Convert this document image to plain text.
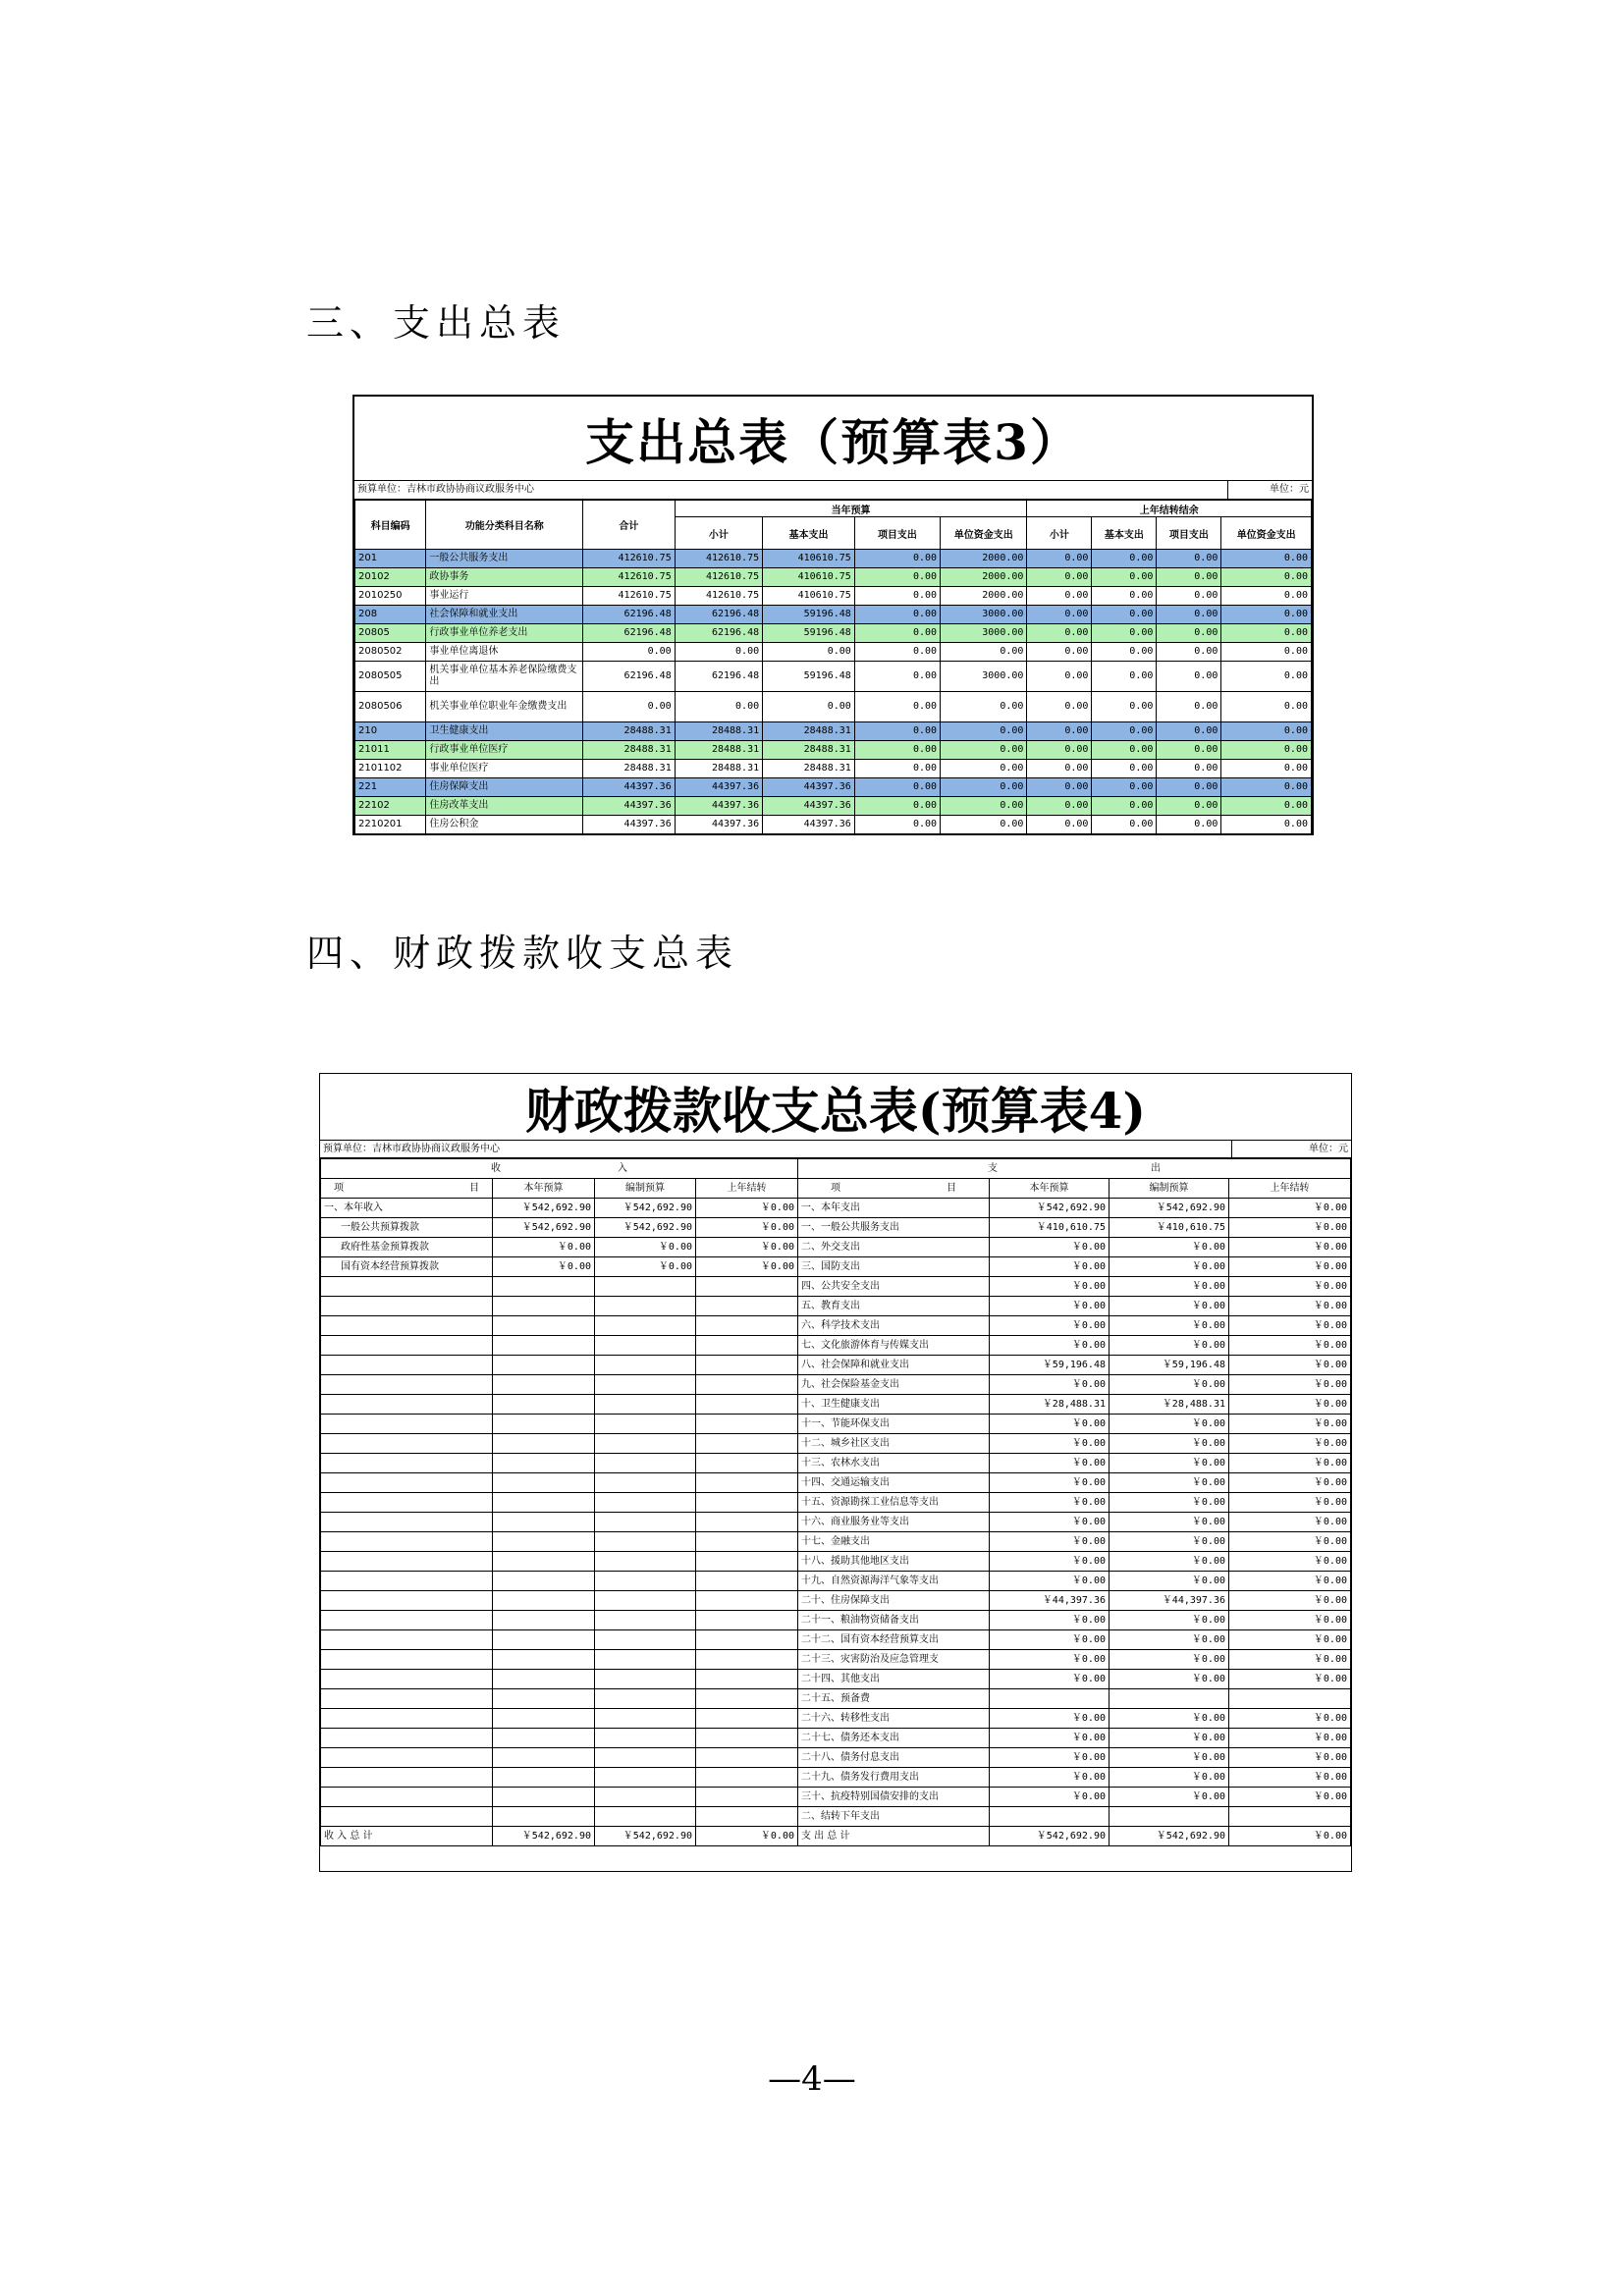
三、支出总表
支出总表（预算表3）
预算单位：吉林市政协协商议政服务中心	单位：元
科目编码	功能分类科目名称	合计	当年预算				上年结转结余			
			小计	基本支出	项目支出	单位资金支出	小计	基本支出	项目支出	单位资金支出
201	一般公共服务支出	412610.75	412610.75	410610.75	0.00	2000.00	0.00	0.00	0.00	0.00
20102	政协事务	412610.75	412610.75	410610.75	0.00	2000.00	0.00	0.00	0.00	0.00
2010250	事业运行	412610.75	412610.75	410610.75	0.00	2000.00	0.00	0.00	0.00	0.00
208	社会保障和就业支出	62196.48	62196.48	59196.48	0.00	3000.00	0.00	0.00	0.00	0.00
20805	行政事业单位养老支出	62196.48	62196.48	59196.48	0.00	3000.00	0.00	0.00	0.00	0.00
2080502	事业单位离退休	0.00	0.00	0.00	0.00	0.00	0.00	0.00	0.00	0.00
2080505	机关事业单位基本养老保险缴费支出	62196.48	62196.48	59196.48	0.00	3000.00	0.00	0.00	0.00	0.00
2080506	机关事业单位职业年金缴费支出	0.00	0.00	0.00	0.00	0.00	0.00	0.00	0.00	0.00
210	卫生健康支出	28488.31	28488.31	28488.31	0.00	0.00	0.00	0.00	0.00	0.00
21011	行政事业单位医疗	28488.31	28488.31	28488.31	0.00	0.00	0.00	0.00	0.00	0.00
2101102	事业单位医疗	28488.31	28488.31	28488.31	0.00	0.00	0.00	0.00	0.00	0.00
221	住房保障支出	44397.36	44397.36	44397.36	0.00	0.00	0.00	0.00	0.00	0.00
22102	住房改革支出	44397.36	44397.36	44397.36	0.00	0.00	0.00	0.00	0.00	0.00
2210201	住房公积金	44397.36	44397.36	44397.36	0.00	0.00	0.00	0.00	0.00	0.00
四、财政拨款收支总表
财政拨款收支总表(预算表4)
预算单位：吉林市政协协商议政服务中心	单位：元
收 入				支 出			

项 目	本年预算	编制预算	上年结转	项 目	本年预算	编制预算	上年结转
一、本年收入	￥542,692.90	￥542,692.90	￥0.00	一、本年支出	￥542,692.90	￥542,692.90	￥0.00
一般公共预算拨款	￥542,692.90	￥542,692.90	￥0.00	一、一般公共服务支出	￥410,610.75	￥410,610.75	￥0.00
政府性基金预算拨款	￥0.00	￥0.00	￥0.00	二、外交支出	￥0.00	￥0.00	￥0.00
国有资本经营预算拨款	￥0.00	￥0.00	￥0.00	三、国防支出	￥0.00	￥0.00	￥0.00
				四、公共安全支出	￥0.00	￥0.00	￥0.00
				五、教育支出	￥0.00	￥0.00	￥0.00
				六、科学技术支出	￥0.00	￥0.00	￥0.00
				七、文化旅游体育与传媒支出	￥0.00	￥0.00	￥0.00
				八、社会保障和就业支出	￥59,196.48	￥59,196.48	￥0.00
				九、社会保险基金支出	￥0.00	￥0.00	￥0.00
				十、卫生健康支出	￥28,488.31	￥28,488.31	￥0.00
				十一、节能环保支出	￥0.00	￥0.00	￥0.00
				十二、城乡社区支出	￥0.00	￥0.00	￥0.00
				十三、农林水支出	￥0.00	￥0.00	￥0.00
				十四、交通运输支出	￥0.00	￥0.00	￥0.00
				十五、资源勘探工业信息等支出	￥0.00	￥0.00	￥0.00
				十六、商业服务业等支出	￥0.00	￥0.00	￥0.00
				十七、金融支出	￥0.00	￥0.00	￥0.00
				十八、援助其他地区支出	￥0.00	￥0.00	￥0.00
				十九、自然资源海洋气象等支出	￥0.00	￥0.00	￥0.00
				二十、住房保障支出	￥44,397.36	￥44,397.36	￥0.00
				二十一、粮油物资储备支出	￥0.00	￥0.00	￥0.00
				二十二、国有资本经营预算支出	￥0.00	￥0.00	￥0.00
				二十三、灾害防治及应急管理支	￥0.00	￥0.00	￥0.00
				二十四、其他支出	￥0.00	￥0.00	￥0.00
				二十五、预备费			
				二十六、转移性支出	￥0.00	￥0.00	￥0.00
				二十七、债务还本支出	￥0.00	￥0.00	￥0.00
				二十八、债务付息支出	￥0.00	￥0.00	￥0.00
				二十九、债务发行费用支出	￥0.00	￥0.00	￥0.00
				三十、抗疫特别国债安排的支出	￥0.00	￥0.00	￥0.00
				二、结转下年支出			
收 入 总 计	￥542,692.90	￥542,692.90	￥0.00	支 出 总 计	￥542,692.90	￥542,692.90	￥0.00
—4—
